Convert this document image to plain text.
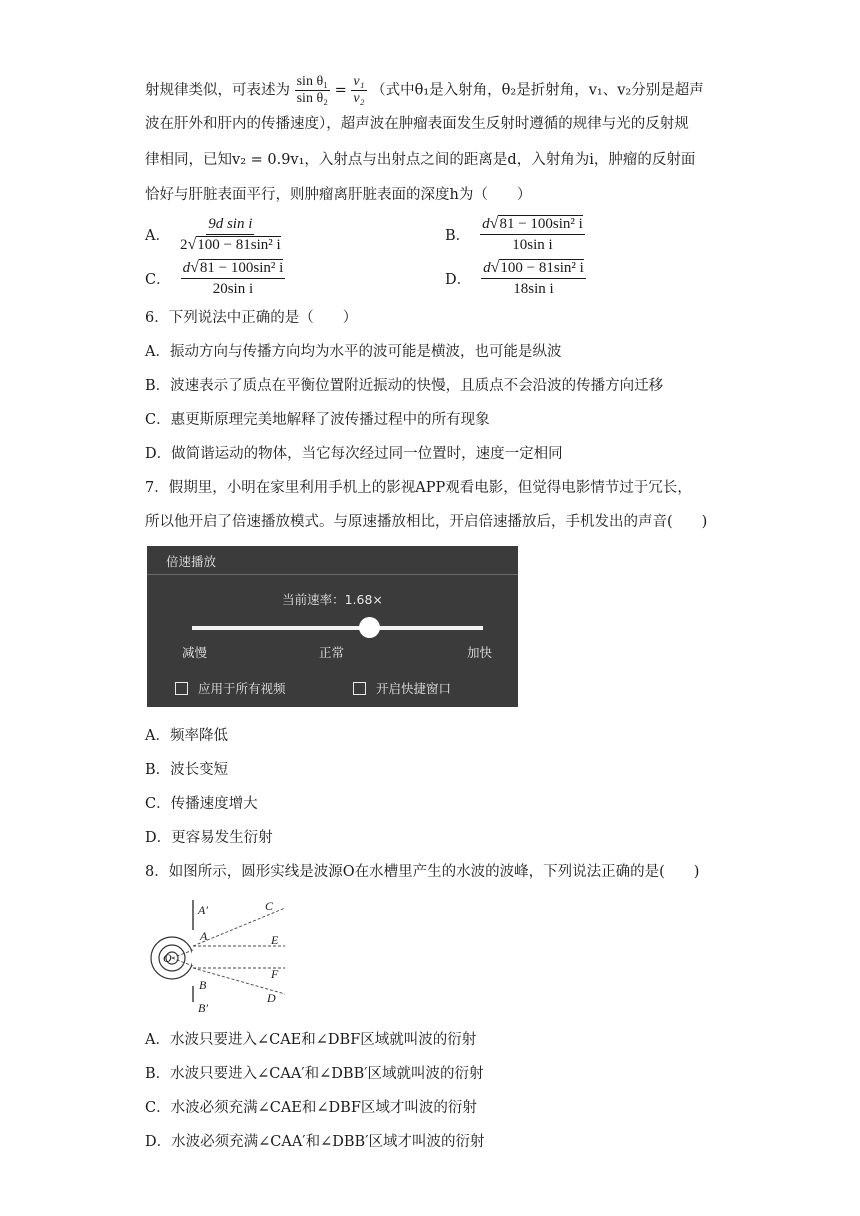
射规律类似，可表述为 $\frac{\text{sin θ₁}}{\text{sin θ₂}} = \frac{\text{v₁}}{\text{v₂}}$ （式中θ₁是入射角，θ₂是折射角，v₁、v₂分别是超声
波在肝外和肝内的传播速度），超声波在肿瘤表面发生反射时遵循的规律与光的反射规
律相同，已知v₂ = 0.9v₁，入射点与出射点之间的距离是d，入射角为i，肿瘤的反射面
恰好与肝脏表面平行，则肿瘤离肝脏表面的深度h为（　　）
A． $\frac{\text{9d sin i}}{\text{2√100 − 81sin² i}}$	B． $\frac{\text{d√81 − 100sin² i}}{\text{10sin i}}$
C． $\frac{\text{d√81 − 100sin² i}}{\text{20sin i}}$	D． $\frac{\text{d√100 − 81sin² i}}{\text{18sin i}}$
6．下列说法中正确的是（　　）
A．振动方向与传播方向均为水平的波可能是横波，也可能是纵波
B．波速表示了质点在平衡位置附近振动的快慢，且质点不会沿波的传播方向迁移
C．惠更斯原理完美地解释了波传播过程中的所有现象
D．做简谐运动的物体，当它每次经过同一位置时，速度一定相同
7．假期里，小明在家里利用手机上的影视APP观看电影，但觉得电影情节过于冗长，
所以他开启了倍速播放模式。与原速播放相比，开启倍速播放后，手机发出的声音(　　)
倍速播放
当前速率：1.68×
减慢	正常	加快
应用于所有视频	开启快捷窗口
A．频率降低
B．波长变短
C．传播速度增大
D．更容易发生衍射
8．如图所示，圆形实线是波源O在水槽里产生的水波的波峰，下列说法正确的是(　　)
A′
A
C
E
O
F
B
D
B′
A．水波只要进入∠CAE和∠DBF区域就叫波的衍射
B．水波只要进入∠CAA′和∠DBB′区域就叫波的衍射
C．水波必须充满∠CAE和∠DBF区域才叫波的衍射
D．水波必须充满∠CAA′和∠DBB′区域才叫波的衍射
